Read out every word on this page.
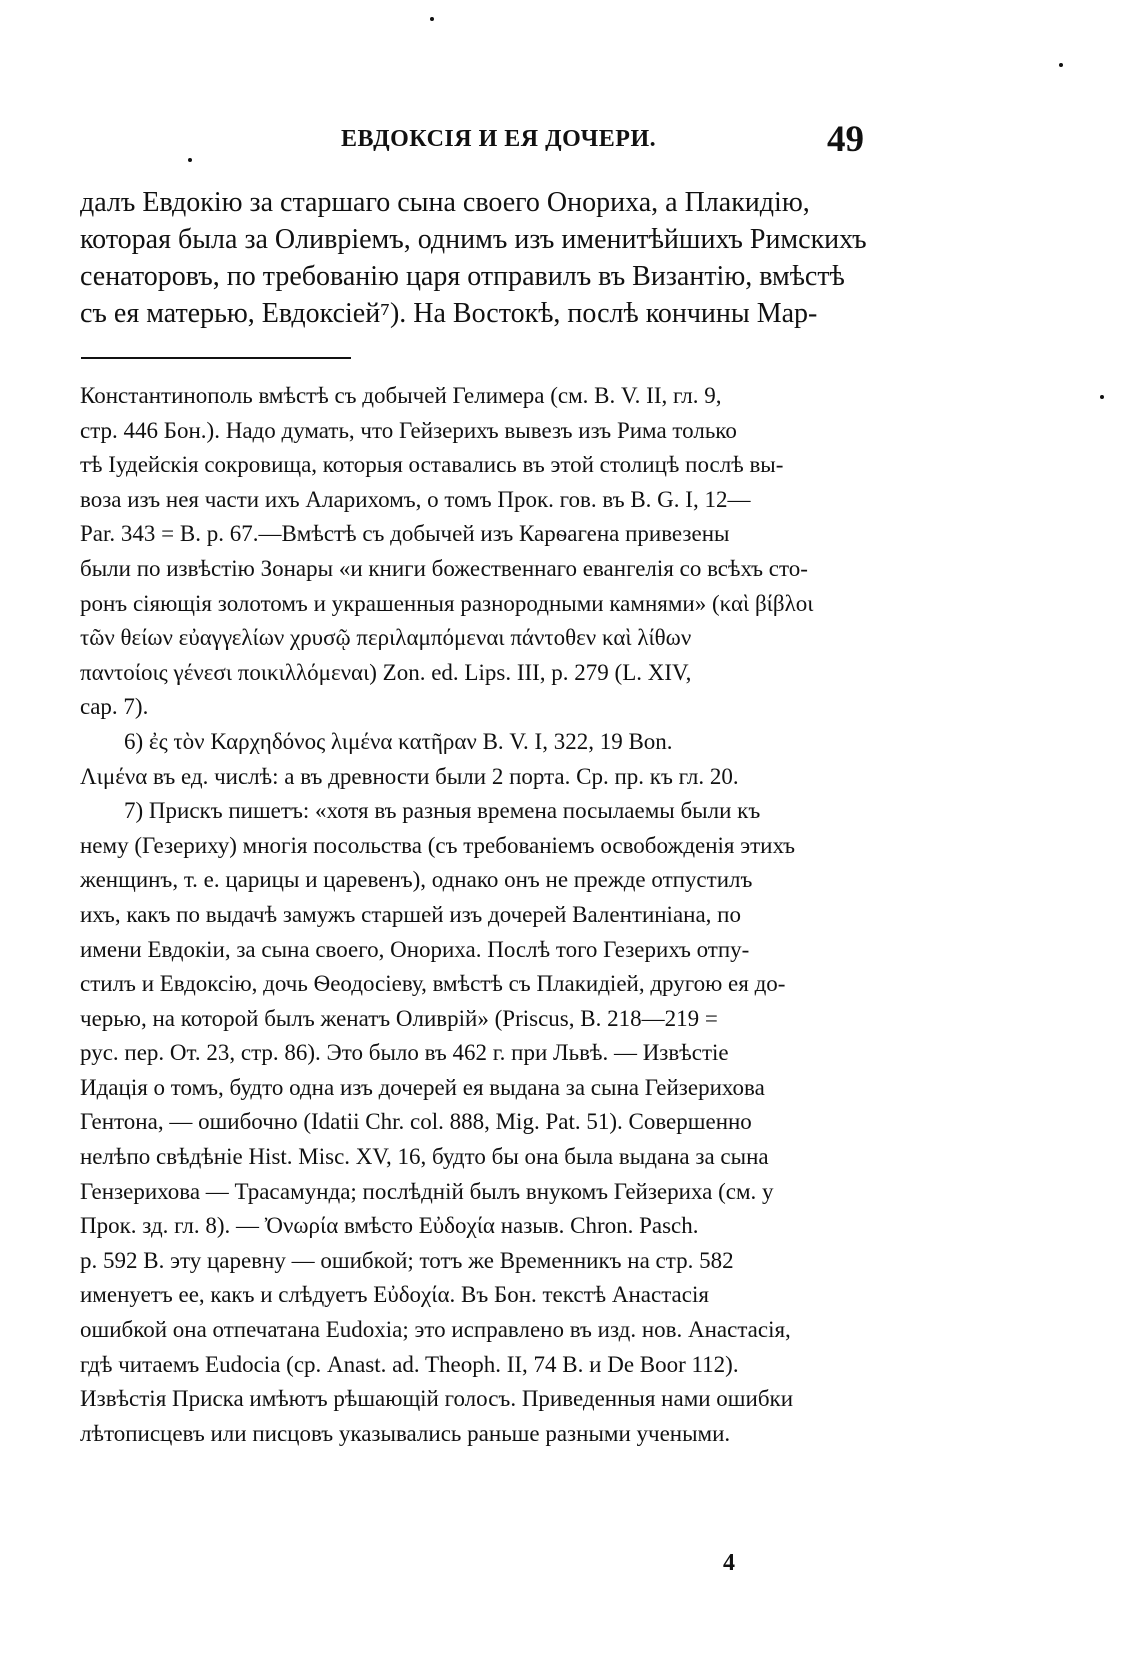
ЕВДОКСІЯ И ЕЯ ДОЧЕРИ.	49
далъ Евдокію за старшаго сына своего Онориха, а Плакидію,
которая была за Оливріемъ, однимъ изъ именитѣйшихъ Римскихъ
сенаторовъ, по требованію царя отправилъ въ Византію, вмѣстѣ
съ ея матерью, Евдоксіей⁷). На Востокѣ, послѣ кончины Мар-
Константинополь вмѣстѣ съ добычей Гелимера (см. В. V. II, гл. 9,
стр. 446 Бон.). Надо думать, что Гейзерихъ вывезъ изъ Рима только
тѣ Іудейскія сокровища, которыя оставались въ этой столицѣ послѣ вы-
воза изъ нея части ихъ Аларихомъ, о томъ Прок. гов. въ В. G. I, 12—
Par. 343 = В. р. 67.—Вмѣстѣ съ добычей изъ Карѳагена привезены
были по извѣстію Зонары «и книги божественнаго евангелія со всѣхъ сто-
ронъ сіяющія золотомъ и украшенныя разнородными камнями» (καὶ βίβλοι
τῶν θείων εὐαγγελίων χρυσῷ περιλαμπόμεναι πάντοθεν καὶ λίθων
παντοίοις γένεσι ποικιλλόμεναι) Zon. ed. Lips. III, p. 279 (L. XIV,
cap. 7).
6) ἐς τὸν Καρχηδόνος λιμένα κατῆραν В. V. I, 322, 19 Bon.
Λιμένα въ ед. числѣ: а въ древности были 2 порта. Ср. пр. къ гл. 20.
7) Прискъ пишетъ: «хотя въ разныя времена посылаемы были къ
нему (Гезериху) многія посольства (съ требованіемъ освобожденія этихъ
женщинъ, т. е. царицы и царевенъ), однако онъ не прежде отпустилъ
ихъ, какъ по выдачѣ замужъ старшей изъ дочерей Валентиніана, по
имени Евдокіи, за сына своего, Онориха. Послѣ того Гезерихъ отпу-
стилъ и Евдоксію, дочь Ѳеодосіеву, вмѣстѣ съ Плакидіей, другою ея до-
черью, на которой былъ женатъ Оливрій» (Priscus, В. 218—219 =
рус. пер. От. 23, стр. 86). Это было въ 462 г. при Львѣ. — Извѣстіе
Идація о томъ, будто одна изъ дочерей ея выдана за сына Гейзерихова
Гентона, — ошибочно (Idatii Chr. col. 888, Mig. Pat. 51). Совершенно
нелѣпо свѣдѣніе Hist. Misc. XV, 16, будто бы она была выдана за сына
Гензерихова — Трасамунда; послѣдній былъ внукомъ Гейзериха (см. у
Прок. зд. гл. 8). — Ὀνωρία вмѣсто Εὐδοχία назыв. Chron. Pasch.
p. 592 В. эту царевну — ошибкой; тотъ же Временникъ на стр. 582
именуетъ ее, какъ и слѣдуетъ Εὐδοχία. Въ Бон. текстѣ Анастасія
ошибкой она отпечатана Eudoxia; это исправлено въ изд. нов. Анастасія,
гдѣ читаемъ Eudocia (ср. Anast. ad. Theoph. II, 74 B. и De Boor 112).
Извѣстія Приска имѣютъ рѣшающій голосъ. Приведенныя нами ошибки
лѣтописцевъ или писцовъ указывались раньше разными учеными.
4
